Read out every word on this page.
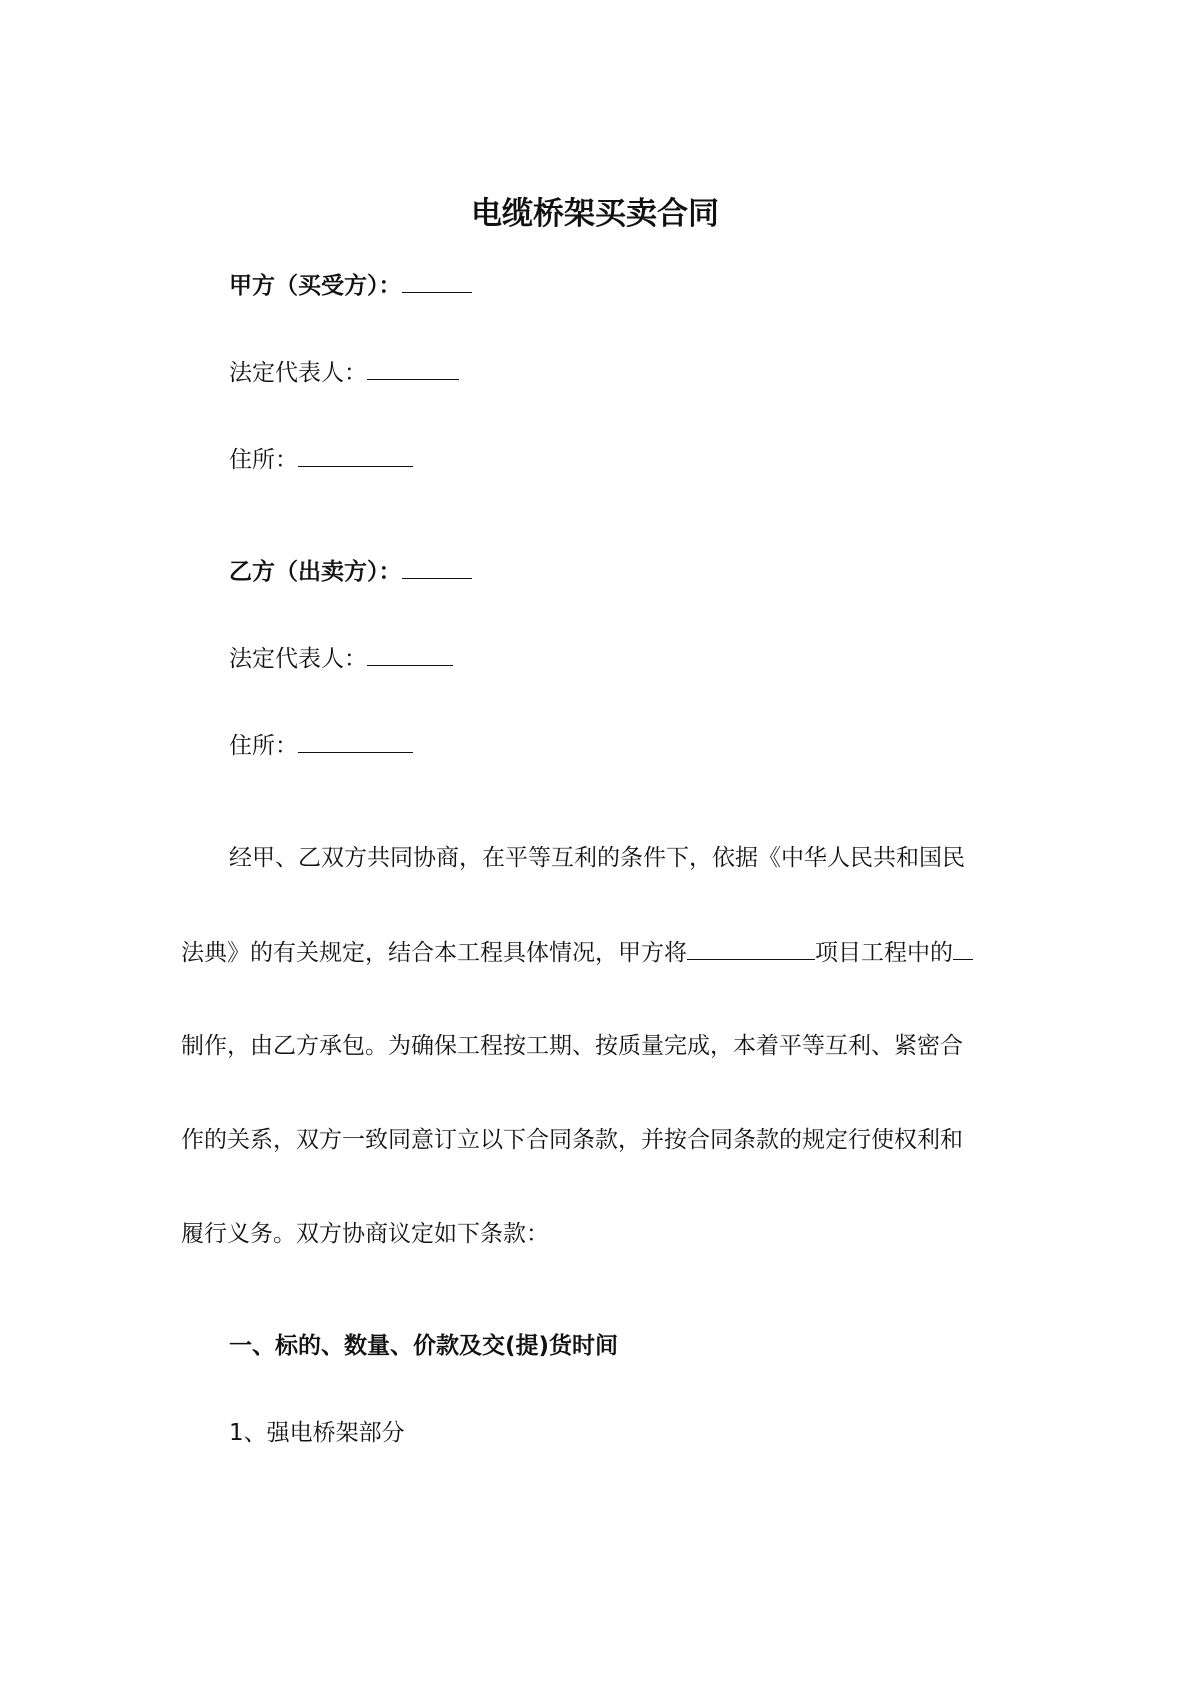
电缆桥架买卖合同
甲方（买受方）：
法定代表人：
住所：
乙方（出卖方）：
法定代表人：
住所：
经甲、乙双方共同协商，在平等互利的条件下，依据《中华人民共和国民
法典》的有关规定，结合本工程具体情况，甲方将	项目工程中的
制作，由乙方承包。为确保工程按工期、按质量完成，本着平等互利、紧密合
作的关系，双方一致同意订立以下合同条款，并按合同条款的规定行使权利和
履行义务。双方协商议定如下条款：
一、标的、数量、价款及交(提)货时间
1、强电桥架部分
